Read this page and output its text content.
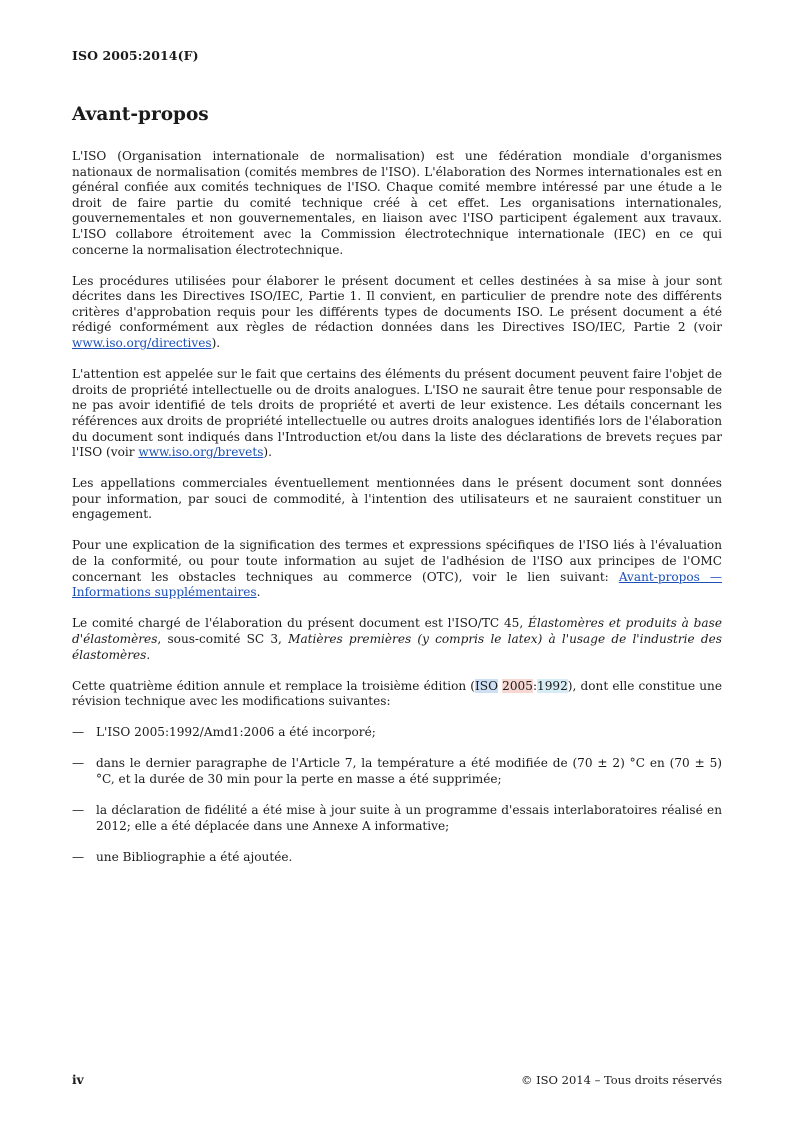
ISO 2005:2014(F)
Avant-propos

L'ISO (Organisation internationale de normalisation) est une fédération mondiale d'organismes nationaux de normalisation (comités membres de l'ISO). L'élaboration des Normes internationales est en général confiée aux comités techniques de l'ISO. Chaque comité membre intéressé par une étude a le droit de faire partie du comité technique créé à cet effet. Les organisations internationales, gouvernementales et non gouvernementales, en liaison avec l'ISO participent également aux travaux. L'ISO collabore étroitement avec la Commission électrotechnique internationale (IEC) en ce qui concerne la normalisation électrotechnique.

Les procédures utilisées pour élaborer le présent document et celles destinées à sa mise à jour sont décrites dans les Directives ISO/IEC, Partie 1. Il convient, en particulier de prendre note des différents critères d'approbation requis pour les différents types de documents ISO. Le présent document a été rédigé conformément aux règles de rédaction données dans les Directives ISO/IEC, Partie 2 (voir www.iso.org/directives).

L'attention est appelée sur le fait que certains des éléments du présent document peuvent faire l'objet de droits de propriété intellectuelle ou de droits analogues. L'ISO ne saurait être tenue pour responsable de ne pas avoir identifié de tels droits de propriété et averti de leur existence. Les détails concernant les références aux droits de propriété intellectuelle ou autres droits analogues identifiés lors de l'élaboration du document sont indiqués dans l'Introduction et/ou dans la liste des déclarations de brevets reçues par l'ISO (voir www.iso.org/brevets).

Les appellations commerciales éventuellement mentionnées dans le présent document sont données pour information, par souci de commodité, à l'intention des utilisateurs et ne sauraient constituer un engagement.

Pour une explication de la signification des termes et expressions spécifiques de l'ISO liés à l'évaluation de la conformité, ou pour toute information au sujet de l'adhésion de l'ISO aux principes de l'OMC concernant les obstacles techniques au commerce (OTC), voir le lien suivant: Avant-propos — Informations supplémentaires.

Le comité chargé de l'élaboration du présent document est l'ISO/TC 45, Élastomères et produits à base d'élastomères, sous-comité SC 3, Matières premières (y compris le latex) à l'usage de l'industrie des élastomères.

Cette quatrième édition annule et remplace la troisième édition (ISO 2005:1992), dont elle constitue une révision technique avec les modifications suivantes:

— L'ISO 2005:1992/Amd1:2006 a été incorporé;
— dans le dernier paragraphe de l'Article 7, la température a été modifiée de (70 ± 2) °C en (70 ± 5) °C, et la durée de 30 min pour la perte en masse a été supprimée;
— la déclaration de fidélité a été mise à jour suite à un programme d'essais interlaboratoires réalisé en 2012; elle a été déplacée dans une Annexe A informative;
— une Bibliographie a été ajoutée.
iv	© ISO 2014 – Tous droits réservés
